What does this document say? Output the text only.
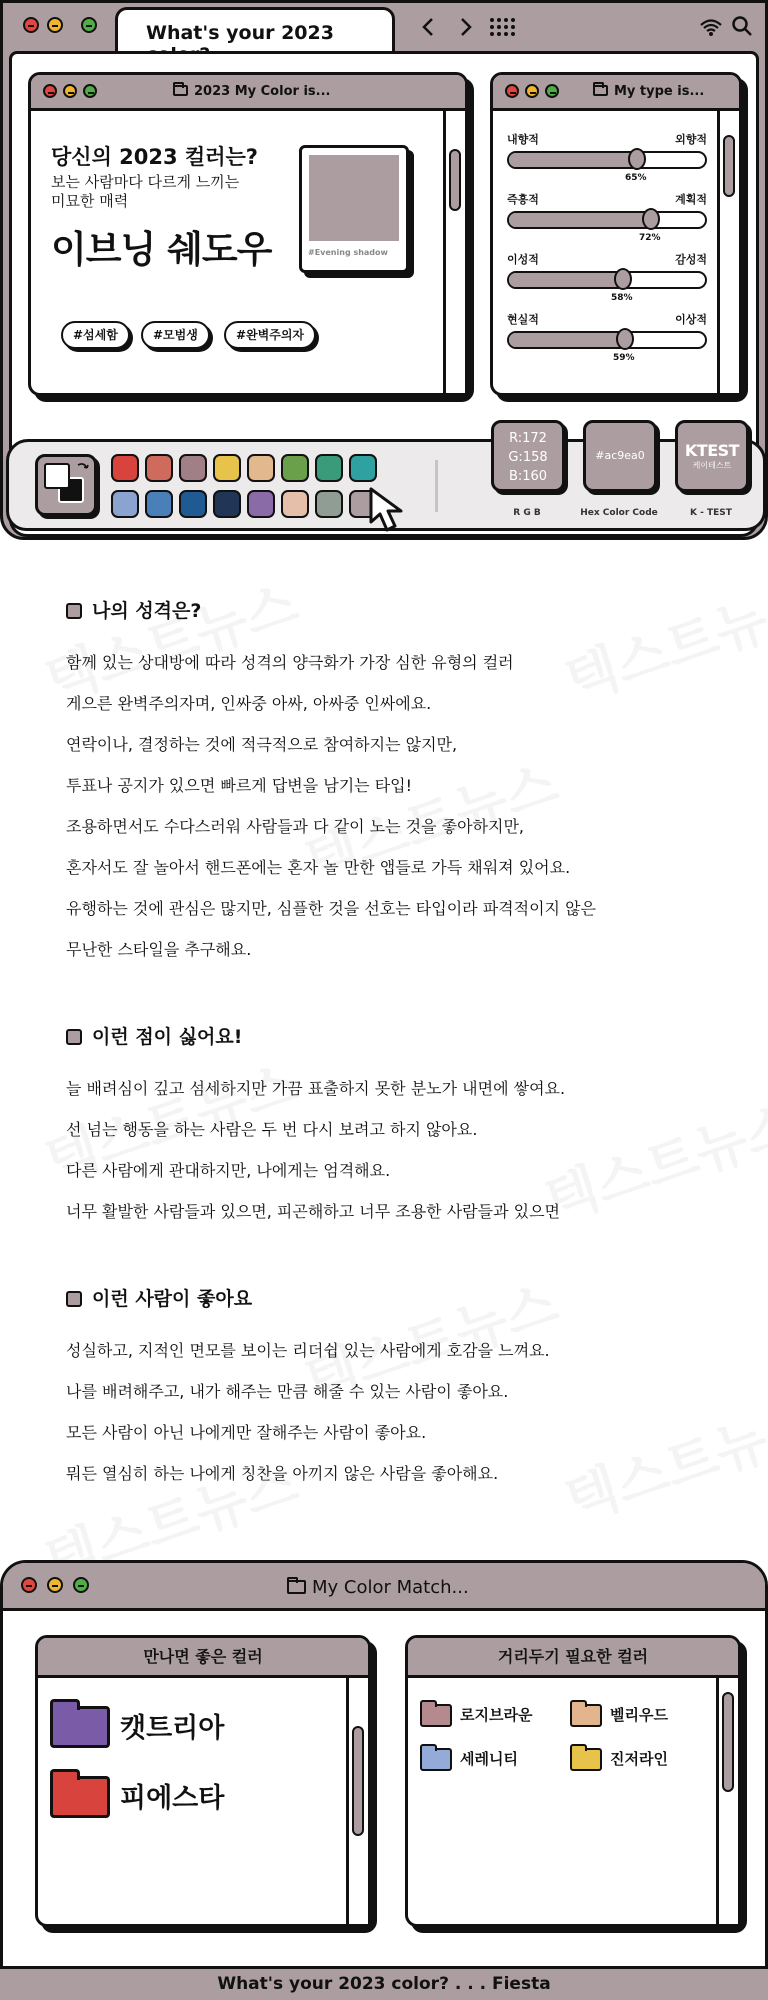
What's your 2023
2023 My Color is...
당신의 2023 컬러는?
보는 사람마다 다르게 느끼는
미묘한 매력
이브닝 쉐도우	#Evening shadow
#섬세함	#모범생	#완벽주의자
My type is...
내향적	외향적
65%
즉흥적	계획적
72%
이성적	감성적
58%
현실적	이상적
59%
R:172
G:158
B:160
R G B
#ac9ea0
Hex Color Code
KTEST
케이테스트
K - TEST
나의 성격은?
함께 있는 상대방에 따라 성격의 양극화가 가장 심한 유형의 컬러
게으른 완벽주의자며, 인싸중 아싸, 아싸중 인싸에요.
연락이나, 결정하는 것에 적극적으로 참여하지는 않지만,
투표나 공지가 있으면 빠르게 답변을 남기는 타입!
조용하면서도 수다스러워 사람들과 다 같이 노는 것을 좋아하지만,
혼자서도 잘 놀아서 핸드폰에는 혼자 놀 만한 앱들로 가득 채워져 있어요.
유행하는 것에 관심은 많지만, 심플한 것을 선호는 타입이라 파격적이지 않은
무난한 스타일을 추구해요.
이런 점이 싫어요!
늘 배려심이 깊고 섬세하지만 가끔 표출하지 못한 분노가 내면에 쌓여요.
선 넘는 행동을 하는 사람은 두 번 다시 보려고 하지 않아요.
다른 사람에게 관대하지만, 나에게는 엄격해요.
너무 활발한 사람들과 있으면, 피곤해하고 너무 조용한 사람들과 있으면
이런 사람이 좋아요
성실하고, 지적인 면모를 보이는 리더쉽 있는 사람에게 호감을 느껴요.
나를 배려해주고, 내가 해주는 만큼 해줄 수 있는 사람이 좋아요.
모든 사람이 아닌 나에게만 잘해주는 사람이 좋아요.
뭐든 열심히 하는 나에게 칭찬을 아끼지 않은 사람을 좋아해요.
My Color Match...
만나면 좋은 컬러
캣트리아
피에스타
거리두기 필요한 컬러
로지브라운	벨리우드
세레니티	진저라인
What's your 2023 color? . . . Fiesta
